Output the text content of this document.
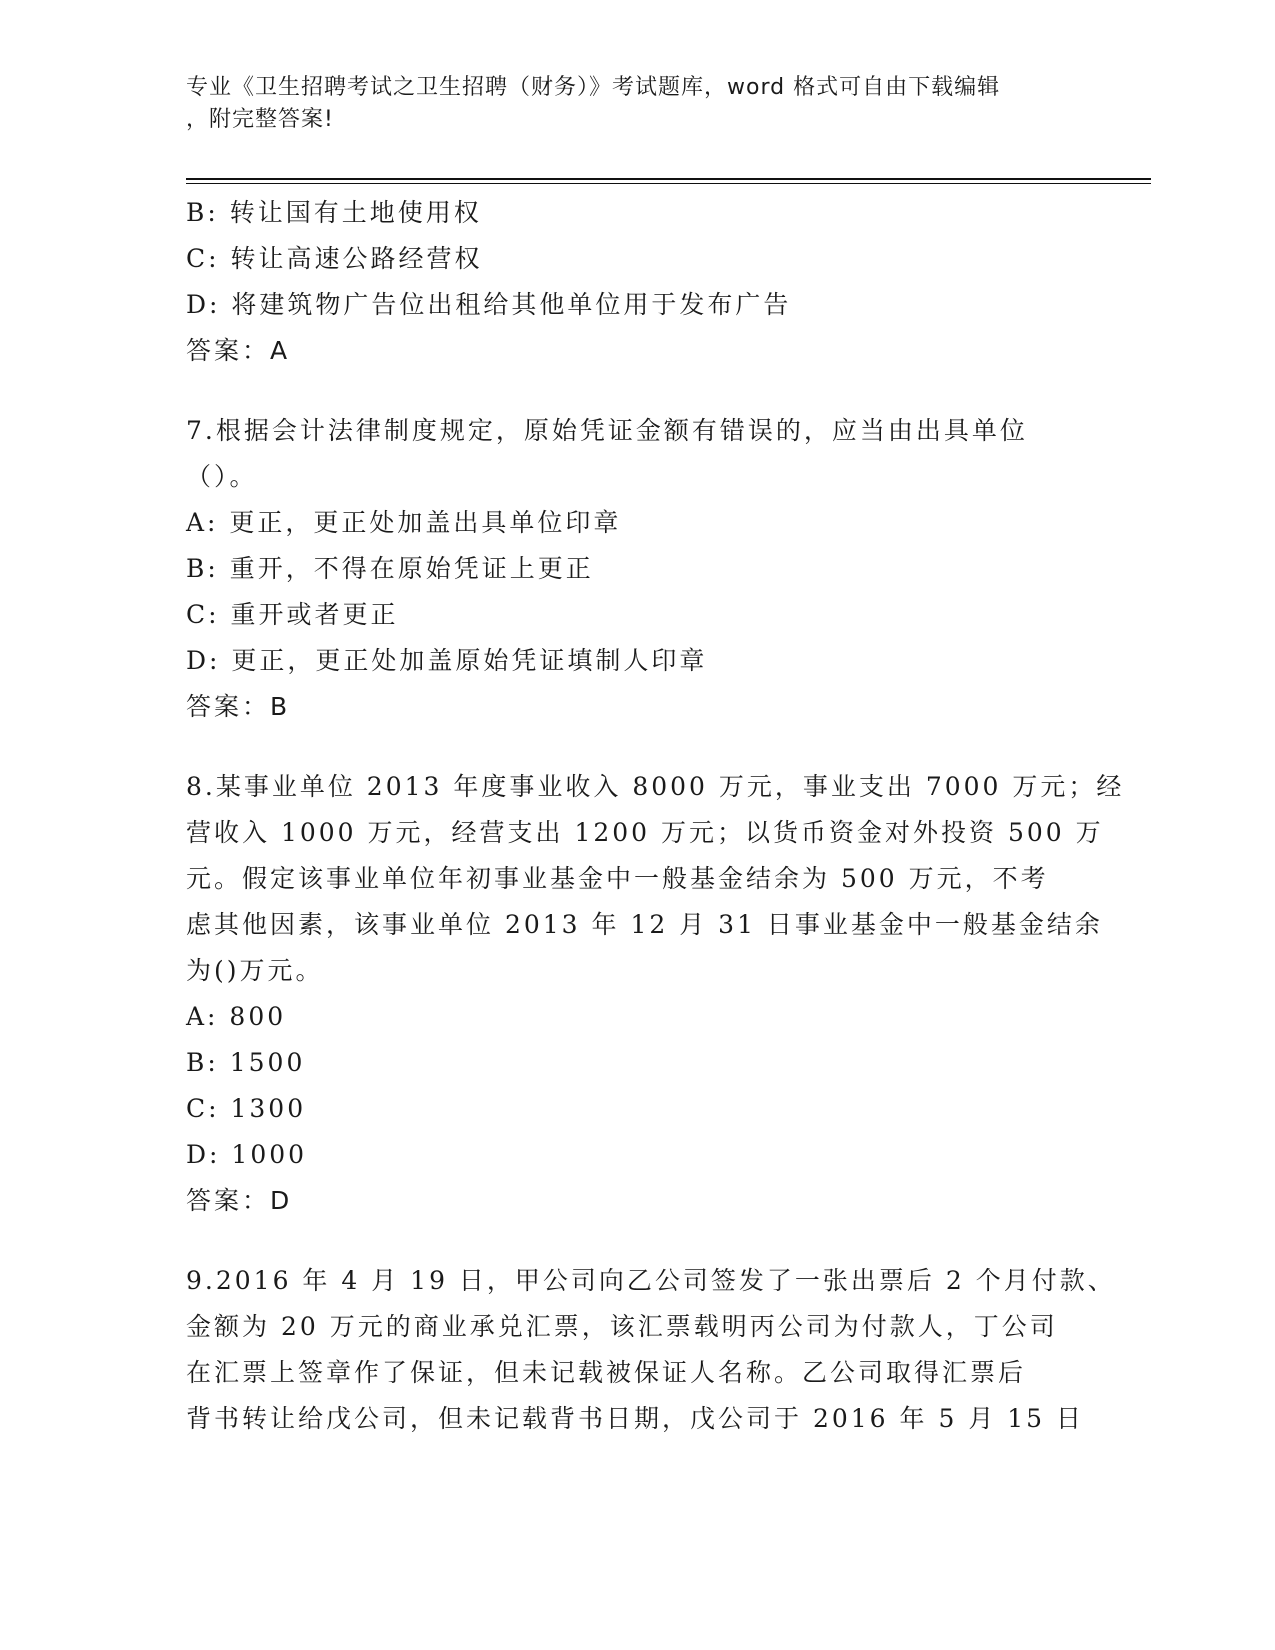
专业《卫生招聘考试之卫生招聘（财务）》考试题库，word 格式可自由下载编辑
，附完整答案!
B: 转让国有土地使用权
C: 转让高速公路经营权
D: 将建筑物广告位出租给其他单位用于发布广告
答案：A
7.根据会计法律制度规定，原始凭证金额有错误的，应当由出具单位
（）。
A: 更正，更正处加盖出具单位印章
B: 重开，不得在原始凭证上更正
C: 重开或者更正
D: 更正，更正处加盖原始凭证填制人印章
答案：B
8.某事业单位 2013 年度事业收入 8000 万元，事业支出 7000 万元；经
营收入 1000 万元，经营支出 1200 万元；以货币资金对外投资 500 万
元。假定该事业单位年初事业基金中一般基金结余为 500 万元，不考
虑其他因素，该事业单位 2013 年 12 月 31 日事业基金中一般基金结余
为()万元。
A: 800
B: 1500
C: 1300
D: 1000
答案：D
9.2016 年 4 月 19 日，甲公司向乙公司签发了一张出票后 2 个月付款、
金额为 20 万元的商业承兑汇票，该汇票载明丙公司为付款人，丁公司
在汇票上签章作了保证，但未记载被保证人名称。乙公司取得汇票后
背书转让给戊公司，但未记载背书日期，戊公司于 2016 年 5 月 15 日
